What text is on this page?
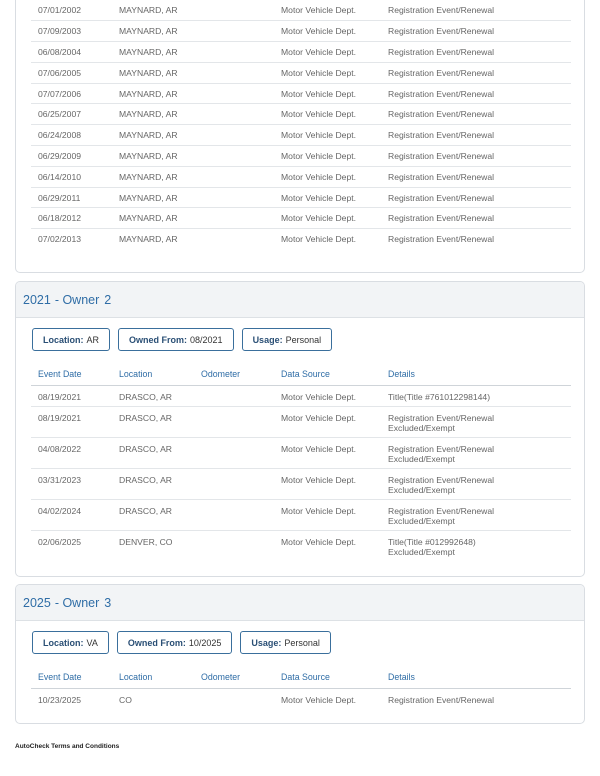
07/01/2002	MAYNARD, AR		Motor Vehicle Dept.	Registration Event/Renewal

07/09/2003	MAYNARD, AR		Motor Vehicle Dept.	Registration Event/Renewal

06/08/2004	MAYNARD, AR		Motor Vehicle Dept.	Registration Event/Renewal

07/06/2005	MAYNARD, AR		Motor Vehicle Dept.	Registration Event/Renewal

07/07/2006	MAYNARD, AR		Motor Vehicle Dept.	Registration Event/Renewal

06/25/2007	MAYNARD, AR		Motor Vehicle Dept.	Registration Event/Renewal

06/24/2008	MAYNARD, AR		Motor Vehicle Dept.	Registration Event/Renewal

06/29/2009	MAYNARD, AR		Motor Vehicle Dept.	Registration Event/Renewal

06/14/2010	MAYNARD, AR		Motor Vehicle Dept.	Registration Event/Renewal

06/29/2011	MAYNARD, AR		Motor Vehicle Dept.	Registration Event/Renewal

06/18/2012	MAYNARD, AR		Motor Vehicle Dept.	Registration Event/Renewal

07/02/2013	MAYNARD, AR		Motor Vehicle Dept.	Registration Event/Renewal
2021 - Owner 2
Location: AR	Owned From: 08/2021	Usage: Personal
Event Date	Location	Odometer	Data Source	Details
08/19/2021	DRASCO, AR		Motor Vehicle Dept.	Title(Title #761012298144)

08/19/2021	DRASCO, AR		Motor Vehicle Dept.	Registration Event/Renewal
Excluded/Exempt

04/08/2022	DRASCO, AR		Motor Vehicle Dept.	Registration Event/Renewal
Excluded/Exempt

03/31/2023	DRASCO, AR		Motor Vehicle Dept.	Registration Event/Renewal
Excluded/Exempt

04/02/2024	DRASCO, AR		Motor Vehicle Dept.	Registration Event/Renewal
Excluded/Exempt

02/06/2025	DENVER, CO		Motor Vehicle Dept.	Title(Title #012992648)
Excluded/Exempt
2025 - Owner 3
Location: VA	Owned From: 10/2025	Usage: Personal
Event Date	Location	Odometer	Data Source	Details
10/23/2025	CO		Motor Vehicle Dept.	Registration Event/Renewal
AutoCheck Terms and Conditions
